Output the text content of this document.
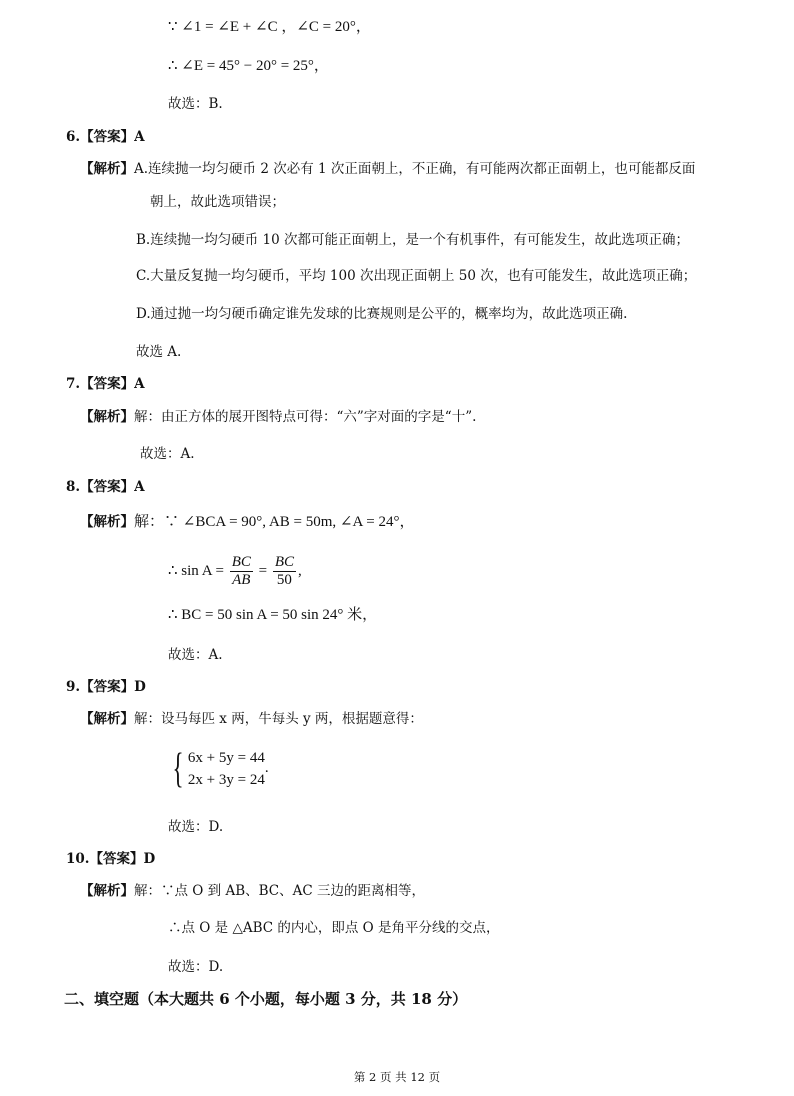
∵ ∠1 = ∠E + ∠C ，∠C = 20°，
∴ ∠E = 45° − 20° = 25°，
故选：B.
6.【答案】A
【解析】A.连续抛一均匀硬币 2 次必有 1 次正面朝上，不正确，有可能两次都正面朝上，也可能都反面
朝上，故此选项错误；
B.连续抛一均匀硬币 10 次都可能正面朝上，是一个有机事件，有可能发生，故此选项正确；
C.大量反复抛一均匀硬币，平均 100 次出现正面朝上 50 次，也有可能发生，故此选项正确；
D.通过抛一均匀硬币确定谁先发球的比赛规则是公平的，概率均为，故此选项正确.
故选 A.
7.【答案】A
【解析】解：由正方体的展开图特点可得：“六”字对面的字是“十”.
故选：A.
8.【答案】A
【解析】解：∵ ∠BCA = 90°, AB = 50m, ∠A = 24°，
∴ $\sin A = \frac{BC}{AB} = \frac{BC}{50}$ ,
∴ BC = 50 sin A = 50 sin 24° 米，
故选：A.
9.【答案】D
【解析】解：设马每匹 x 两，牛每头 y 两，根据题意得：
{ 6x + 5y = 44
2x + 3y = 24
.
故选：D.
10.【答案】D
【解析】解：∵点 O 到 AB、BC、AC 三边的距离相等，
∴点 O 是 △ABC 的内心，即点 O 是角平分线的交点，
故选：D.
二、填空题（本大题共 6 个小题，每小题 3 分，共 18 分）
第 2 页 共 12 页
